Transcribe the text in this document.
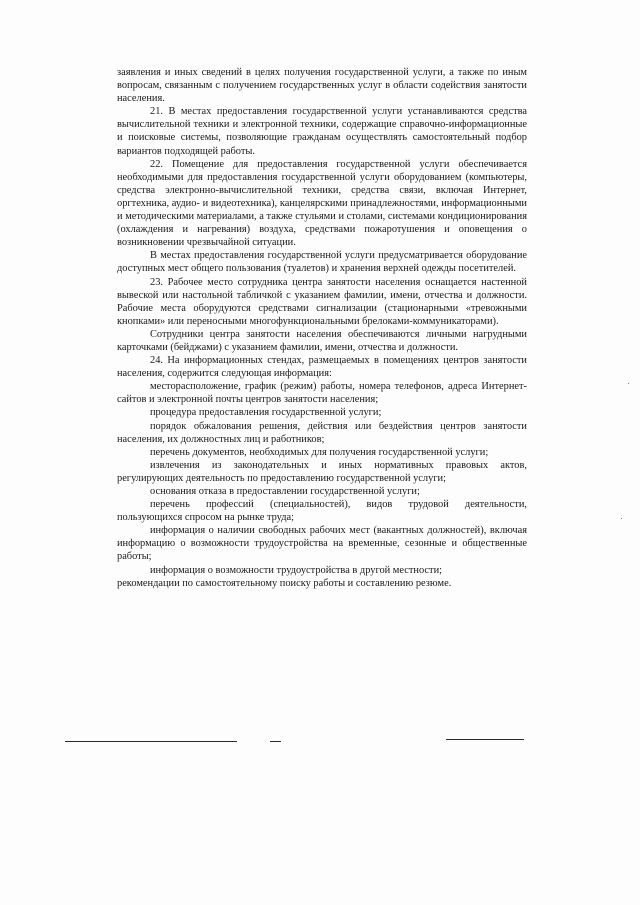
заявления и иных сведений в целях получения государственной услуги, а также по иным вопросам, связанным с получением государственных услуг в области содействия занятости населения.

21. В местах предоставления государственной услуги устанавливаются средства вычислительной техники и электронной техники, содержащие справочно-информационные и поисковые системы, позволяющие гражданам осуществлять самостоятельный подбор вариантов подходящей работы.

22. Помещение для предоставления государственной услуги обеспечивается необходимыми для предоставления государственной услуги оборудованием (компьютеры, средства электронно-вычислительной техники, средства связи, включая Интернет, оргтехника, аудио- и видеотехника), канцелярскими принадлежностями, информационными и методическими материалами, а также стульями и столами, системами кондиционирования (охлаждения и нагревания) воздуха, средствами пожаротушения и оповещения о возникновении чрезвычайной ситуации.

В местах предоставления государственной услуги предусматривается оборудование доступных мест общего пользования (туалетов) и хранения верхней одежды посетителей.

23. Рабочее место сотрудника центра занятости населения оснащается настенной вывеской или настольной табличкой с указанием фамилии, имени, отчества и должности. Рабочие места оборудуются средствами сигнализации (стационарными «тревожными кнопками» или переносными многофункциональными брелоками-коммуникаторами).

Сотрудники центра занятости населения обеспечиваются личными нагрудными карточками (бейджами) с указанием фамилии, имени, отчества и должности.

24. На информационных стендах, размещаемых в помещениях центров занятости населения, содержится следующая информация:

месторасположение, график (режим) работы, номера телефонов, адреса Интернет-сайтов и электронной почты центров занятости населения;

процедура предоставления государственной услуги;

порядок обжалования решения, действия или бездействия центров занятости населения, их должностных лиц и работников;

перечень документов, необходимых для получения государственной услуги;

извлечения из законодательных и иных нормативных правовых актов, регулирующих деятельность по предоставлению государственной услуги;

основания отказа в предоставлении государственной услуги;

перечень профессий (специальностей), видов трудовой деятельности, пользующихся спросом на рынке труда;

информация о наличии свободных рабочих мест (вакантных должностей), включая информацию о возможности трудоустройства на временные, сезонные и общественные работы;

информация о возможности трудоустройства в другой местности;

рекомендации по самостоятельному поиску работы и составлению резюме.
